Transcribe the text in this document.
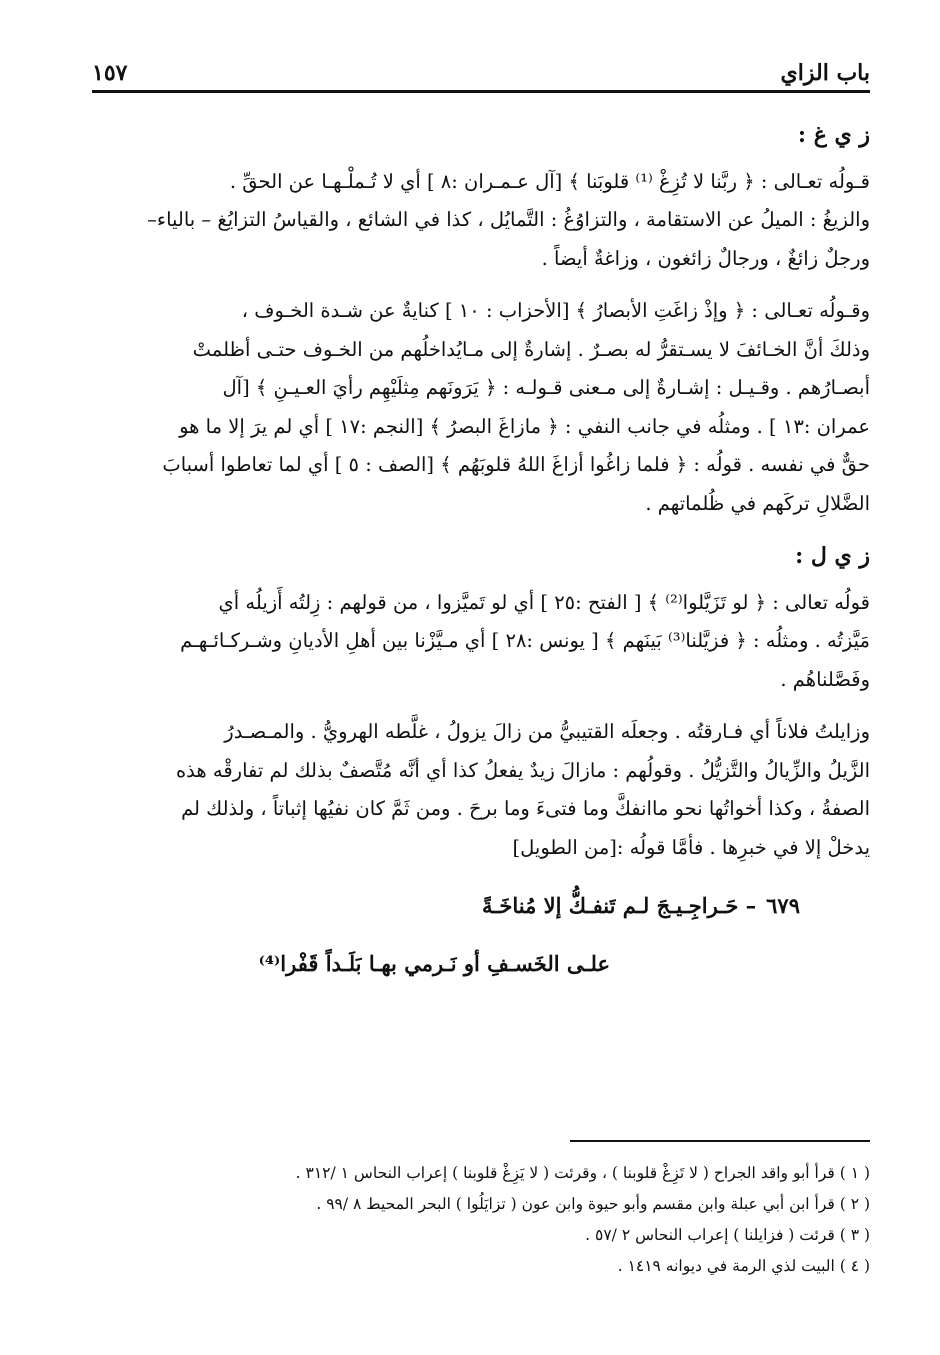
باب الزاي
١٥٧
ز ي غ :

قـولُه تعـالى : ﴿ ربَّنا لا تُزِغْ ⁽¹⁾ قلوبَنا ﴾ [آل عـمـران :٨ ] أي لا تُـملْـهـا عن الحقِّ .

والزيغُ : الميلُ عن الاستقامة ، والتزاوُغُ : التَّمايُل ، كذا في الشائع ، والقياسُ التزايُغ – بالياء–

ورجلٌ زائغٌ ، ورجالٌ زائغون ، وزاغةٌ أيضاً .

وقـولُه تعـالى : ﴿ وإذْ زاغَتِ الأبصارُ ﴾ [الأحزاب : ١٠ ] كنايةٌ عن شـدة الخـوف ،

وذلكَ أنَّ الخـائفَ لا يسـتقرُّ له بصـرٌ . إشارةٌ إلى مـايُداخلُهم من الخـوف حتـى أظلمتْ

أبصـارُهم . وقـيـل : إشـارةٌ إلى مـعنى قـولـه : ﴿ يَرَونَهم مِثلَيْهِم رأيَ العـيـنِ ﴾ [آل

عمران :١٣ ] . ومثلُه في جانب النفي : ﴿ مازاغَ البصرُ ﴾ [النجم :١٧ ] أي لم يرَ إلا ما هو

حقٌّ في نفسه . قولُه : ﴿ فلما زاغُوا أزاغَ اللهُ قلوبَهُم ﴾ [الصف : ٥ ] أي لما تعاطوا أسبابَ

الضَّلالِ تركَهم في ظُلماتهم .

ز ي ل :

قولُه تعالى : ﴿ لو تَزَيَّلوا⁽²⁾ ﴾ [ الفتح :٢٥ ] أي لو تَميَّزوا ، من قولهم : زِلتُه أَزيلُه أي

مَيَّزتُه . ومثلُه : ﴿ فزيَّلنا⁽³⁾ بَينَهم ﴾ [ يونس :٢٨ ] أي مـيَّزْنا بين أهلِ الأديانِ وشـركـائـهـم

وفَصَّلناهُم .

وزايلتُ فلاناً أي فـارقتُه . وجعلَه القتيبيُّ من زالَ يزولُ ، غلَّطه الهرويُّ . والمـصـدرُ

الزَّيلُ والزِّيالُ والتَّزيُّلُ . وقولُهم : مازالَ زيدٌ يفعلُ كذا أي أنَّه مُتَّصفٌ بذلك لم تفارقْه هذه

الصفةُ ، وكذا أخواتُها نحو ماانفكَّ وما فتىءَ وما برحَ . ومن ثَمَّ كان نفيُها إثباتاً ، ولذلك لم

يدخلْ إلا في خبرِها . فأمَّا قولُه :[من الطويل]

٦٧٩– حَـراجِـيـجَ لـم تَنفـكُّ إلا مُناخَـةً
علـى الخَسـفِ أو نَـرمي بهـا بَلَـداً قَفْرا⁽⁴⁾
( ١ ) قرأ أبو واقد الجراح ( لا تَزِغْ قلوبنا ) ، وقرئت ( لا يَزِغْ قلوبنا ) إعراب النحاس ١ /٣١٢ .
( ٢ ) قرأ ابن أبي عبلة وابن مقسم وأبو حيوة وابن عون ( تزايَلُوا ) البحر المحيط ٨ /٩٩ .
( ٣ ) قرئت ( فزايلنا ) إعراب النحاس ٢ /٥٧ .
( ٤ ) البيت لذي الرمة في ديوانه ١٤١٩ .
